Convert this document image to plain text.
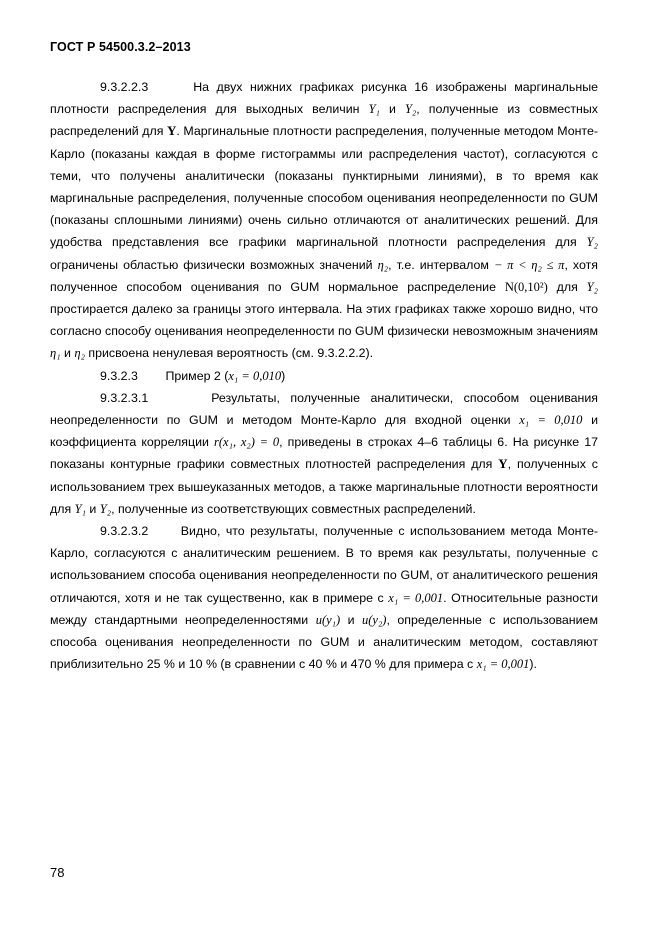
ГОСТ Р 54500.3.2–2013

9.3.2.2.3	На двух нижних графиках рисунка 16 изображены маргинальные плотности распределения для выходных величин Y₁ и Y₂, полученные из совместных распределений для Y. Маргинальные плотности распределения, полученные методом Монте-Карло (показаны каждая в форме гистограммы или распределения частот), согласуются с теми, что получены аналитически (показаны пунктирными линиями), в то время как маргинальные распределения, полученные способом оценивания неопределенности по GUM (показаны сплошными линиями) очень сильно отличаются от аналитических решений. Для удобства представления все графики маргинальной плотности распределения для Y₂ ограничены областью физически возможных значений η₂, т.е. интервалом − π < η₂ ≤ π, хотя полученное способом оценивания по GUM нормальное распределение N(0,10²) для Y₂ простирается далеко за границы этого интервала. На этих графиках также хорошо видно, что согласно способу оценивания неопределенности по GUM физически невозможным значениям η₁ и η₂ присвоена ненулевая вероятность (см. 9.3.2.2.2).

9.3.2.3 Пример 2 (x₁ = 0,010)

9.3.2.3.1	Результаты, полученные аналитически, способом оценивания неопределенности по GUM и методом Монте-Карло для входной оценки x₁ = 0,010 и коэффициента корреляции r(x₁, x₂) = 0, приведены в строках 4–6 таблицы 6. На рисунке 17 показаны контурные графики совместных плотностей распределения для Y, полученных с использованием трех вышеуказанных методов, а также маргинальные плотности вероятности для Y₁ и Y₂, полученные из соответствующих совместных распределений.

9.3.2.3.2	Видно, что результаты, полученные с использованием метода Монте-Карло, согласуются с аналитическим решением. В то время как результаты, полученные с использованием способа оценивания неопределенности по GUM, от аналитического решения отличаются, хотя и не так существенно, как в примере с x₁ = 0,001. Относительные разности между стандартными неопределенностями u(y₁) и u(y₂), определенные с использованием способа оценивания неопределенности по GUM и аналитическим методом, составляют приблизительно 25 % и 10 % (в сравнении с 40 % и 470 % для примера с x₁ = 0,001).

78
